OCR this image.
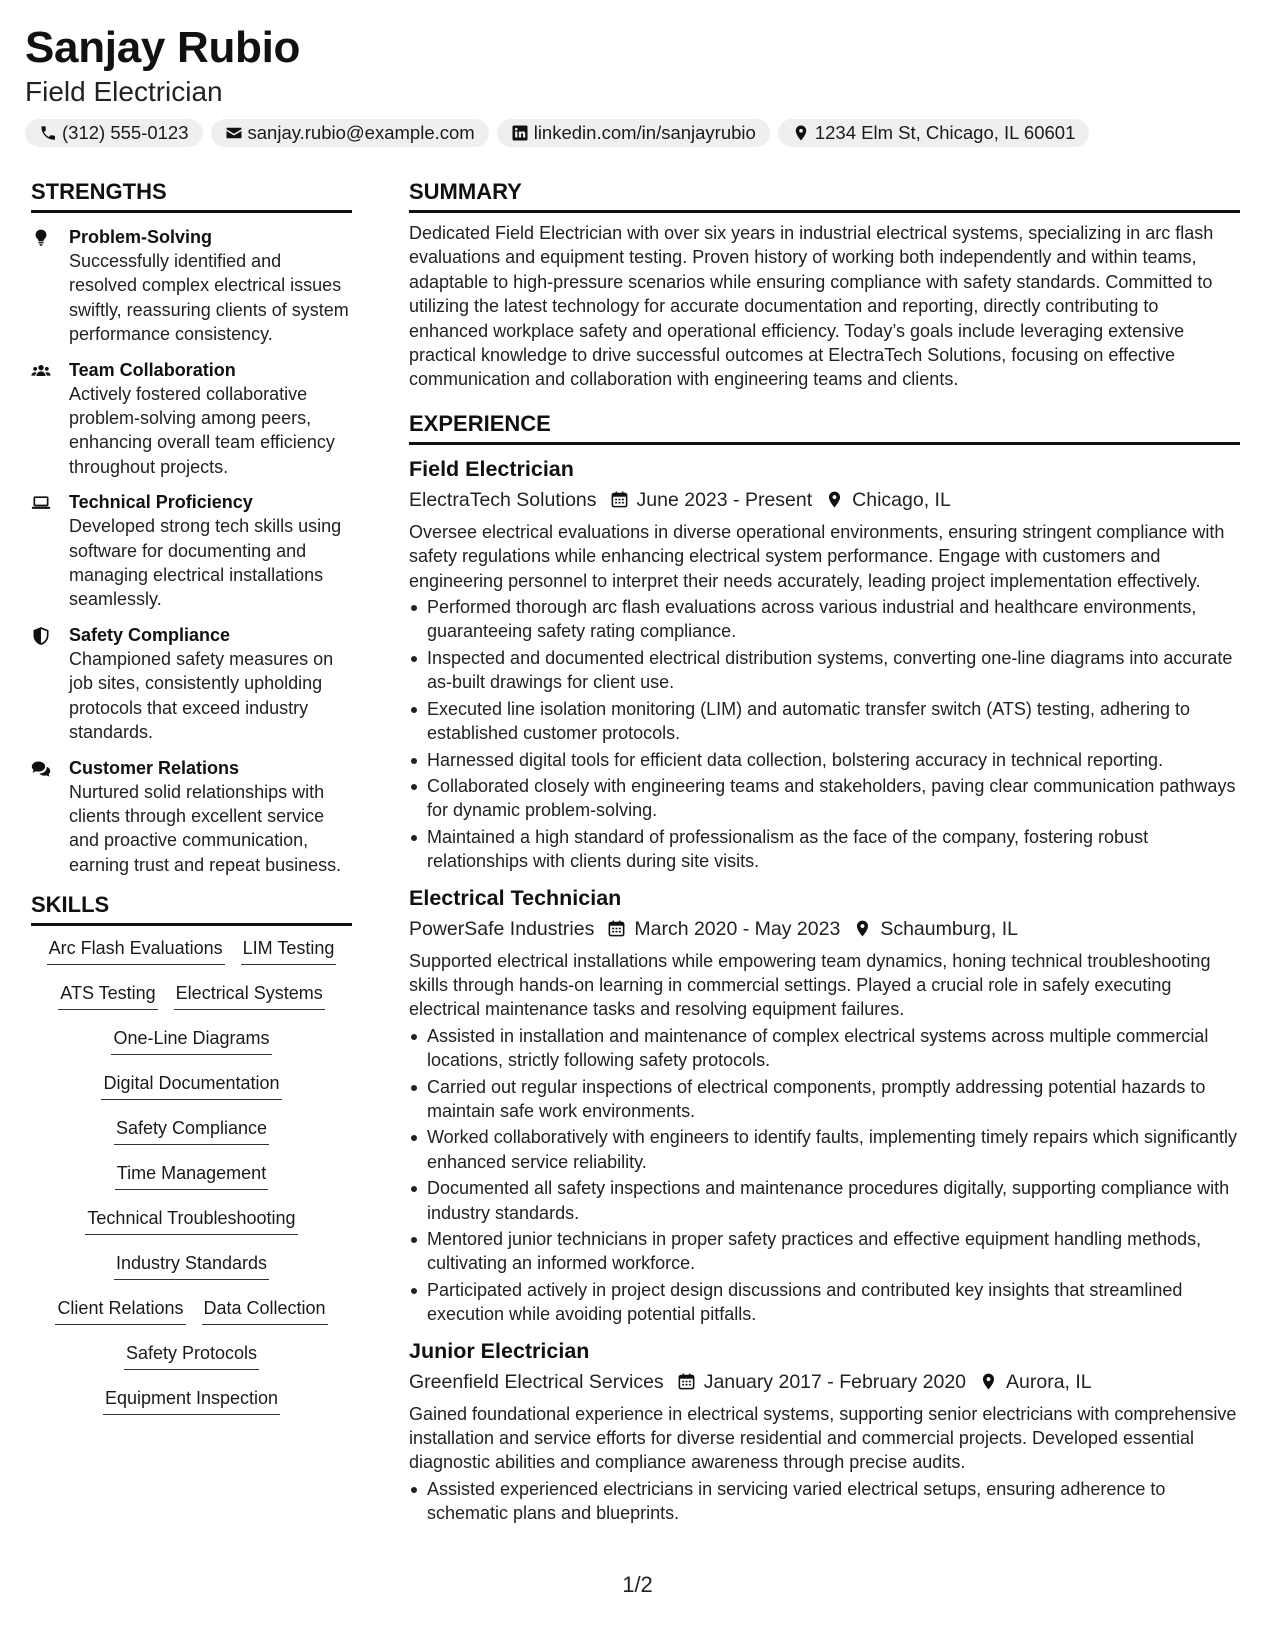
Sanjay Rubio
Field Electrician
(312) 555-0123	sanjay.rubio@example.com	linkedin.com/in/sanjayrubio	1234 Elm St, Chicago, IL 60601
STRENGTHS
Problem-Solving
Successfully identified and resolved complex electrical issues swiftly, reassuring clients of system performance consistency.
Team Collaboration
Actively fostered collaborative problem-solving among peers, enhancing overall team efficiency throughout projects.
Technical Proficiency
Developed strong tech skills using software for documenting and managing electrical installations seamlessly.
Safety Compliance
Championed safety measures on job sites, consistently upholding protocols that exceed industry standards.
Customer Relations
Nurtured solid relationships with clients through excellent service and proactive communication, earning trust and repeat business.
SKILLS
Arc Flash Evaluations LIM Testing
ATS Testing Electrical Systems
One-Line Diagrams
Digital Documentation
Safety Compliance
Time Management
Technical Troubleshooting
Industry Standards
Client Relations Data Collection
Safety Protocols
Equipment Inspection
SUMMARY
Dedicated Field Electrician with over six years in industrial electrical systems, specializing in arc flash evaluations and equipment testing. Proven history of working both independently and within teams, adaptable to high-pressure scenarios while ensuring compliance with safety standards. Committed to utilizing the latest technology for accurate documentation and reporting, directly contributing to enhanced workplace safety and operational efficiency. Today’s goals include leveraging extensive practical knowledge to drive successful outcomes at ElectraTech Solutions, focusing on effective communication and collaboration with engineering teams and clients.
EXPERIENCE
Field Electrician
ElectraTech Solutions June 2023 - Present Chicago, IL
Oversee electrical evaluations in diverse operational environments, ensuring stringent compliance with safety regulations while enhancing electrical system performance. Engage with customers and engineering personnel to interpret their needs accurately, leading project implementation effectively.
Performed thorough arc flash evaluations across various industrial and healthcare environments, guaranteeing safety rating compliance.
Inspected and documented electrical distribution systems, converting one-line diagrams into accurate as-built drawings for client use.
Executed line isolation monitoring (LIM) and automatic transfer switch (ATS) testing, adhering to established customer protocols.
Harnessed digital tools for efficient data collection, bolstering accuracy in technical reporting.
Collaborated closely with engineering teams and stakeholders, paving clear communication pathways for dynamic problem-solving.
Maintained a high standard of professionalism as the face of the company, fostering robust relationships with clients during site visits.
Electrical Technician
PowerSafe Industries March 2020 - May 2023 Schaumburg, IL
Supported electrical installations while empowering team dynamics, honing technical troubleshooting skills through hands-on learning in commercial settings. Played a crucial role in safely executing electrical maintenance tasks and resolving equipment failures.
Assisted in installation and maintenance of complex electrical systems across multiple commercial locations, strictly following safety protocols.
Carried out regular inspections of electrical components, promptly addressing potential hazards to maintain safe work environments.
Worked collaboratively with engineers to identify faults, implementing timely repairs which significantly enhanced service reliability.
Documented all safety inspections and maintenance procedures digitally, supporting compliance with industry standards.
Mentored junior technicians in proper safety practices and effective equipment handling methods, cultivating an informed workforce.
Participated actively in project design discussions and contributed key insights that streamlined execution while avoiding potential pitfalls.
Junior Electrician
Greenfield Electrical Services January 2017 - February 2020 Aurora, IL
Gained foundational experience in electrical systems, supporting senior electricians with comprehensive installation and service efforts for diverse residential and commercial projects. Developed essential diagnostic abilities and compliance awareness through precise audits.
Assisted experienced electricians in servicing varied electrical setups, ensuring adherence to schematic plans and blueprints.
1/2
